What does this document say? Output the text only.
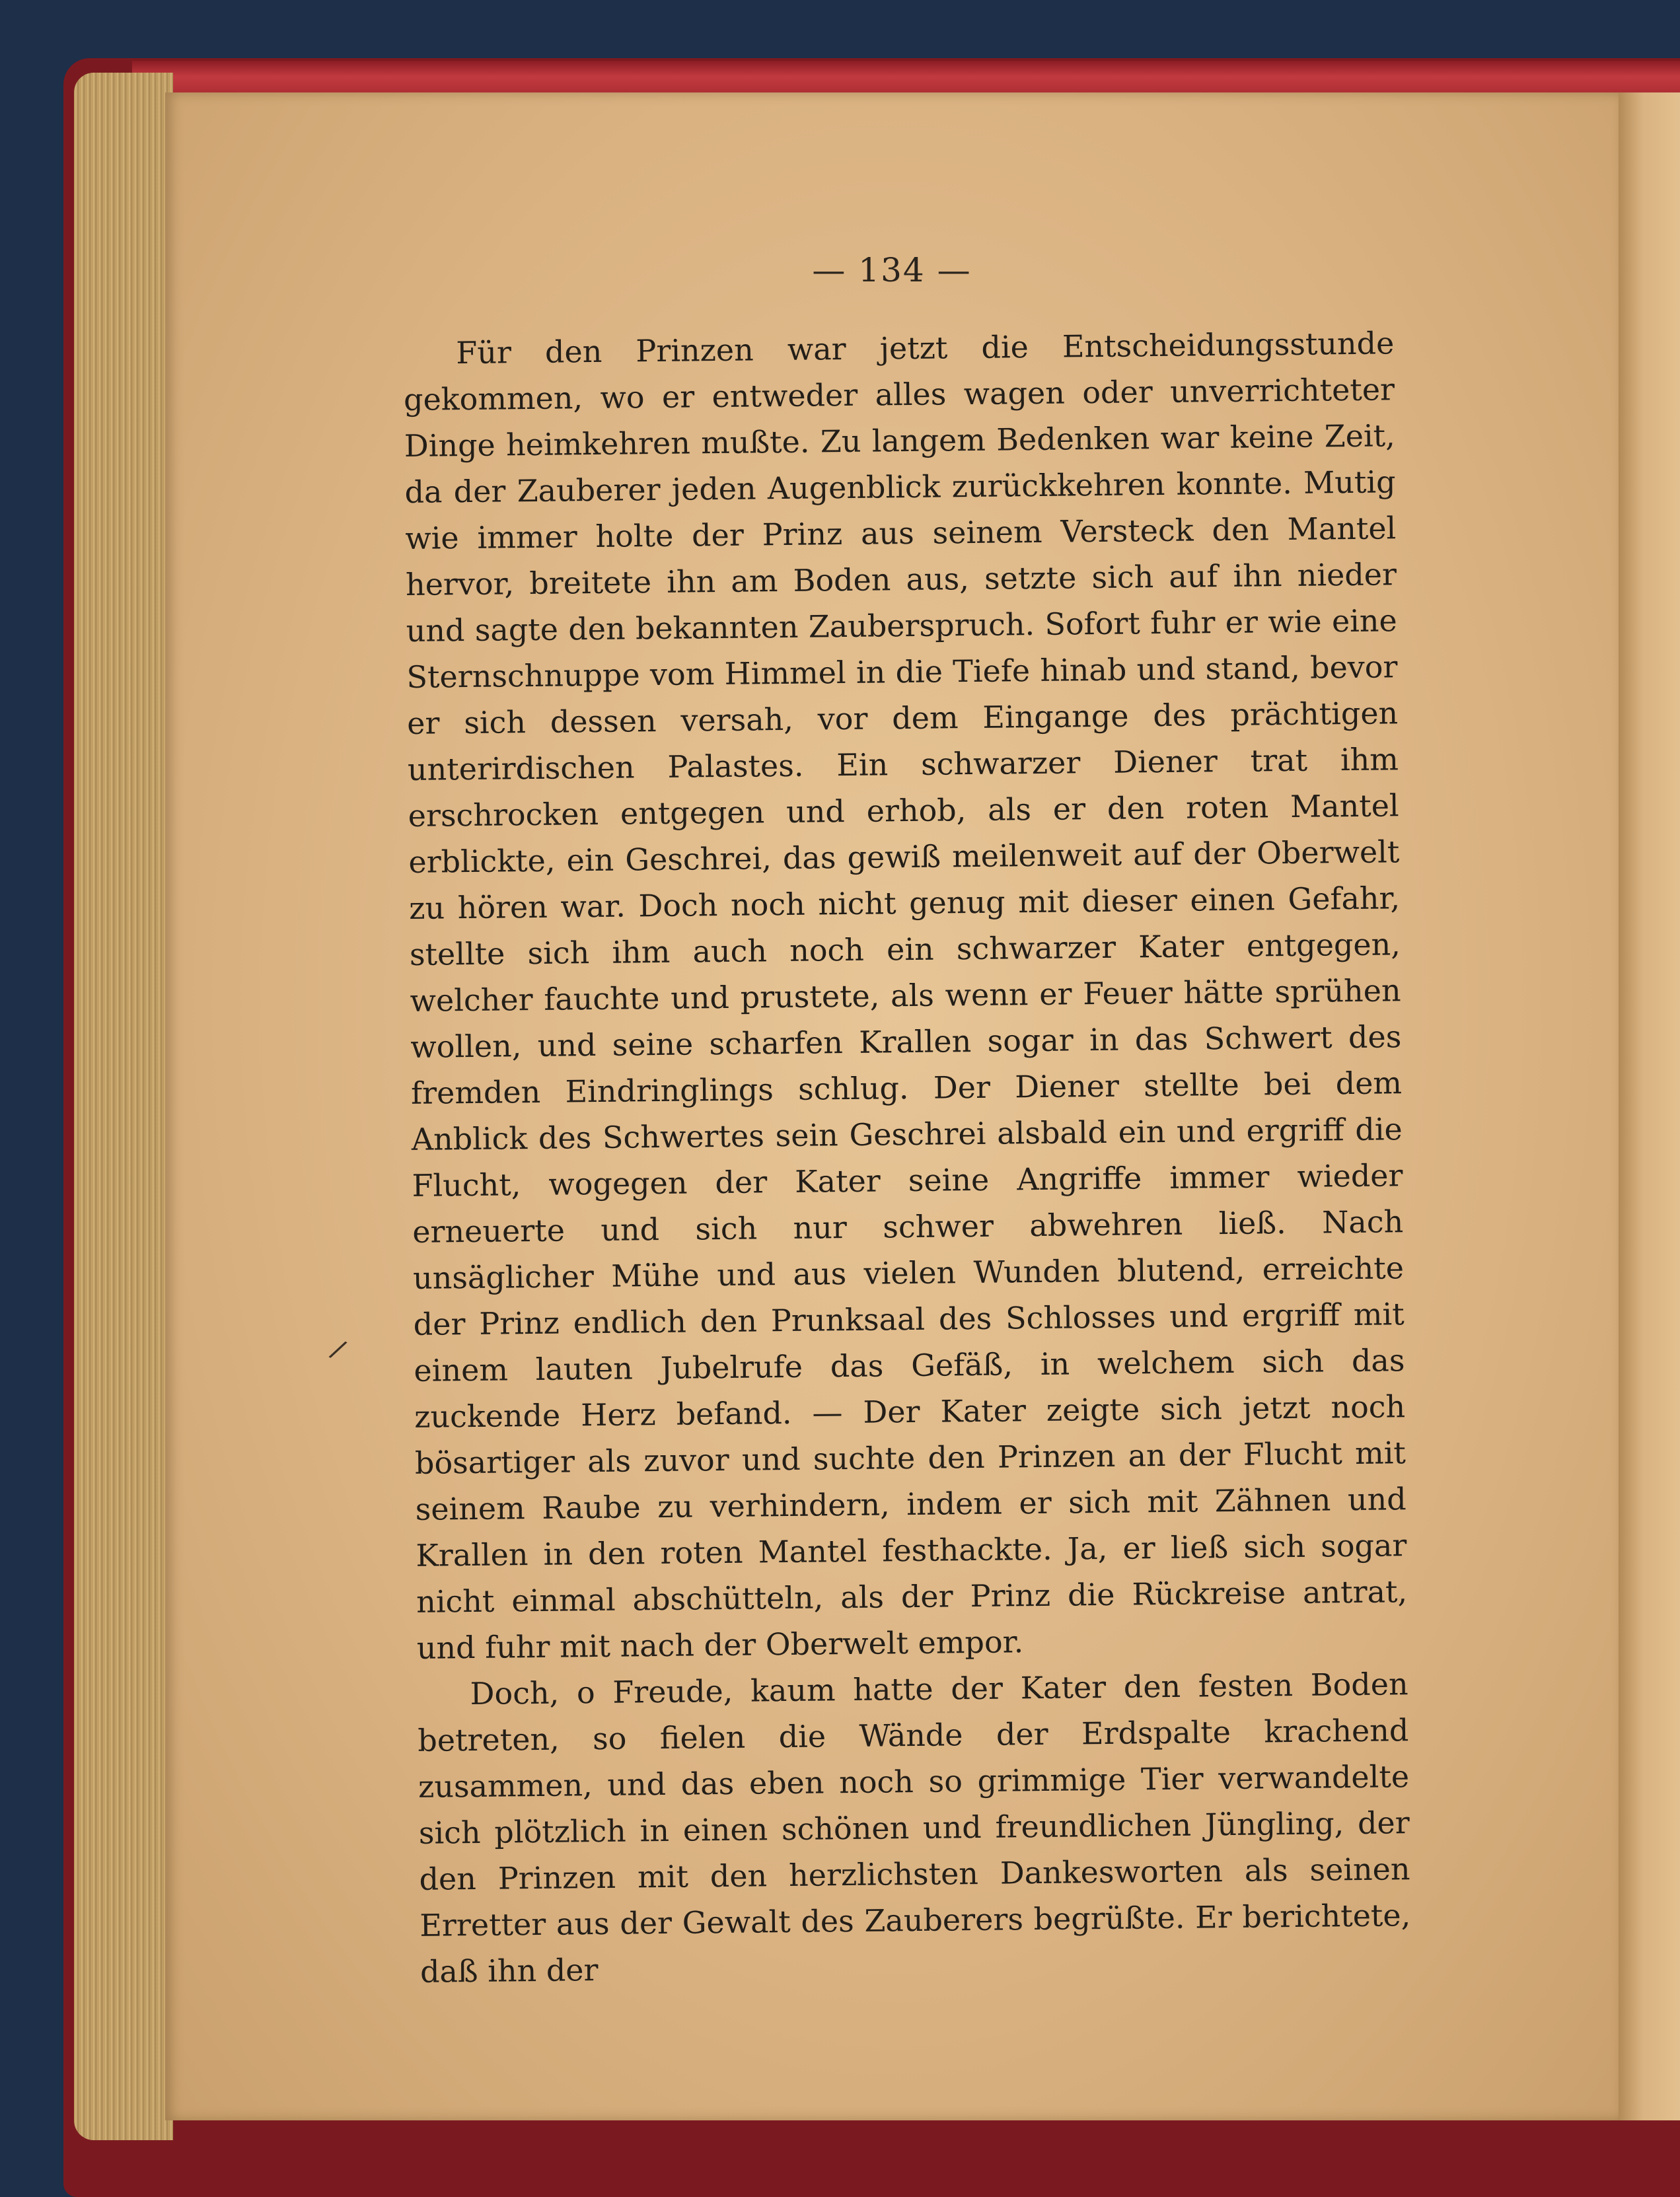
— 134 —

Für den Prinzen war jetzt die Entscheidungsstunde gekommen, wo er entweder alles wagen oder unverrichteter Dinge heimkehren mußte. Zu langem Bedenken war keine Zeit, da der Zauberer jeden Augenblick zurückkehren konnte. Mutig wie immer holte der Prinz aus seinem Versteck den Mantel hervor, breitete ihn am Boden aus, setzte sich auf ihn nieder und sagte den bekannten Zauberspruch. Sofort fuhr er wie eine Sternschnuppe vom Himmel in die Tiefe hinab und stand, bevor er sich dessen versah, vor dem Eingange des prächtigen unterirdischen Palastes. Ein schwarzer Diener trat ihm erschrocken entgegen und erhob, als er den roten Mantel erblickte, ein Geschrei, das gewiß meilenweit auf der Oberwelt zu hören war. Doch noch nicht genug mit dieser einen Gefahr, stellte sich ihm auch noch ein schwarzer Kater entgegen, welcher fauchte und prustete, als wenn er Feuer hätte sprühen wollen, und seine scharfen Krallen sogar in das Schwert des fremden Eindringlings schlug. Der Diener stellte bei dem Anblick des Schwertes sein Geschrei alsbald ein und ergriff die Flucht, wogegen der Kater seine Angriffe immer wieder erneuerte und sich nur schwer abwehren ließ. Nach unsäglicher Mühe und aus vielen Wunden blutend, erreichte der Prinz endlich den Prunksaal des Schlosses und ergriff mit einem lauten Jubelrufe das Gefäß, in welchem sich das zuckende Herz befand. — Der Kater zeigte sich jetzt noch bösartiger als zuvor und suchte den Prinzen an der Flucht mit seinem Raube zu verhindern, indem er sich mit Zähnen und Krallen in den roten Mantel festhackte. Ja, er ließ sich sogar nicht einmal abschütteln, als der Prinz die Rückreise antrat, und fuhr mit nach der Oberwelt empor.

Doch, o Freude, kaum hatte der Kater den festen Boden betreten, so fielen die Wände der Erdspalte krachend zusammen, und das eben noch so grimmige Tier verwandelte sich plötzlich in einen schönen und freundlichen Jüngling, der den Prinzen mit den herzlichsten Dankesworten als seinen Erretter aus der Gewalt des Zauberers begrüßte. Er berichtete, daß ihn der

/
